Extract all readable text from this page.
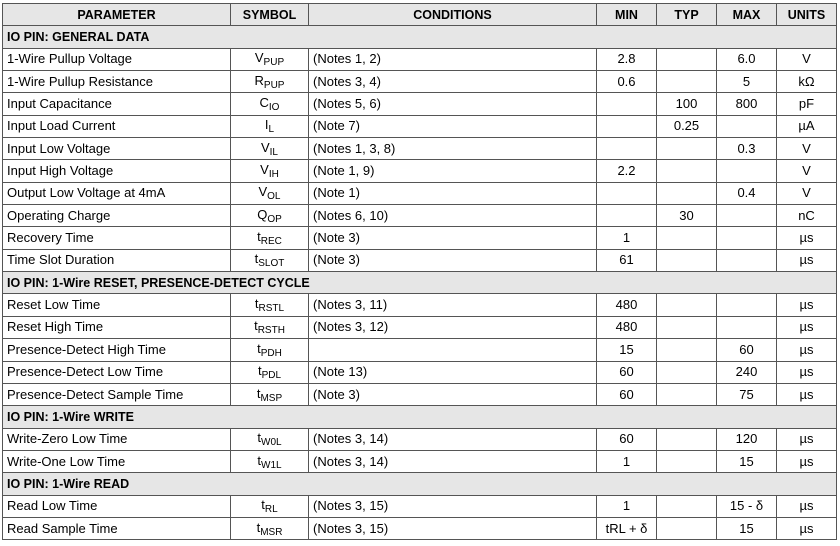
PARAMETER	SYMBOL	CONDITIONS	MIN	TYP	MAX	UNITS
IO PIN: GENERAL DATA						
1-Wire Pullup Voltage	$V_{PUP}$	(Notes 1, 2)	2.8		6.0	V
1-Wire Pullup Resistance	$R_{PUP}$	(Notes 3, 4)	0.6		5	kΩ
Input Capacitance	$C_{IO}$	(Notes 5, 6)		100	800	pF
Input Load Current	$I_L$	(Note 7)		0.25		µA
Input Low Voltage	$V_{IL}$	(Notes 1, 3, 8)			0.3	V
Input High Voltage	$V_{IH}$	(Note 1, 9)	2.2			V
Output Low Voltage at 4mA	$V_{OL}$	(Note 1)			0.4	V
Operating Charge	$Q_{OP}$	(Notes 6, 10)		30		nC
Recovery Time	$t_{REC}$	(Note 3)	1			µs
Time Slot Duration	$t_{SLOT}$	(Note 3)	61			µs
IO PIN: 1-Wire RESET, PRESENCE-DETECT CYCLE						
Reset Low Time	$t_{RSTL}$	(Notes 3, 11)	480			µs
Reset High Time	$t_{RSTH}$	(Notes 3, 12)	480			µs
Presence-Detect High Time	$t_{PDH}$		15		60	µs
Presence-Detect Low Time	$t_{PDL}$	(Note 13)	60		240	µs
Presence-Detect Sample Time	$t_{MSP}$	(Note 3)	60		75	µs
IO PIN: 1-Wire WRITE						
Write-Zero Low Time	$t_{W0L}$	(Notes 3, 14)	60		120	µs
Write-One Low Time	$t_{W1L}$	(Notes 3, 14)	1		15	µs
IO PIN: 1-Wire READ						
Read Low Time	$t_{RL}$	(Notes 3, 15)	1		15 - δ	µs
Read Sample Time	$t_{MSR}$	(Notes 3, 15)	tRL + δ		15	µs
